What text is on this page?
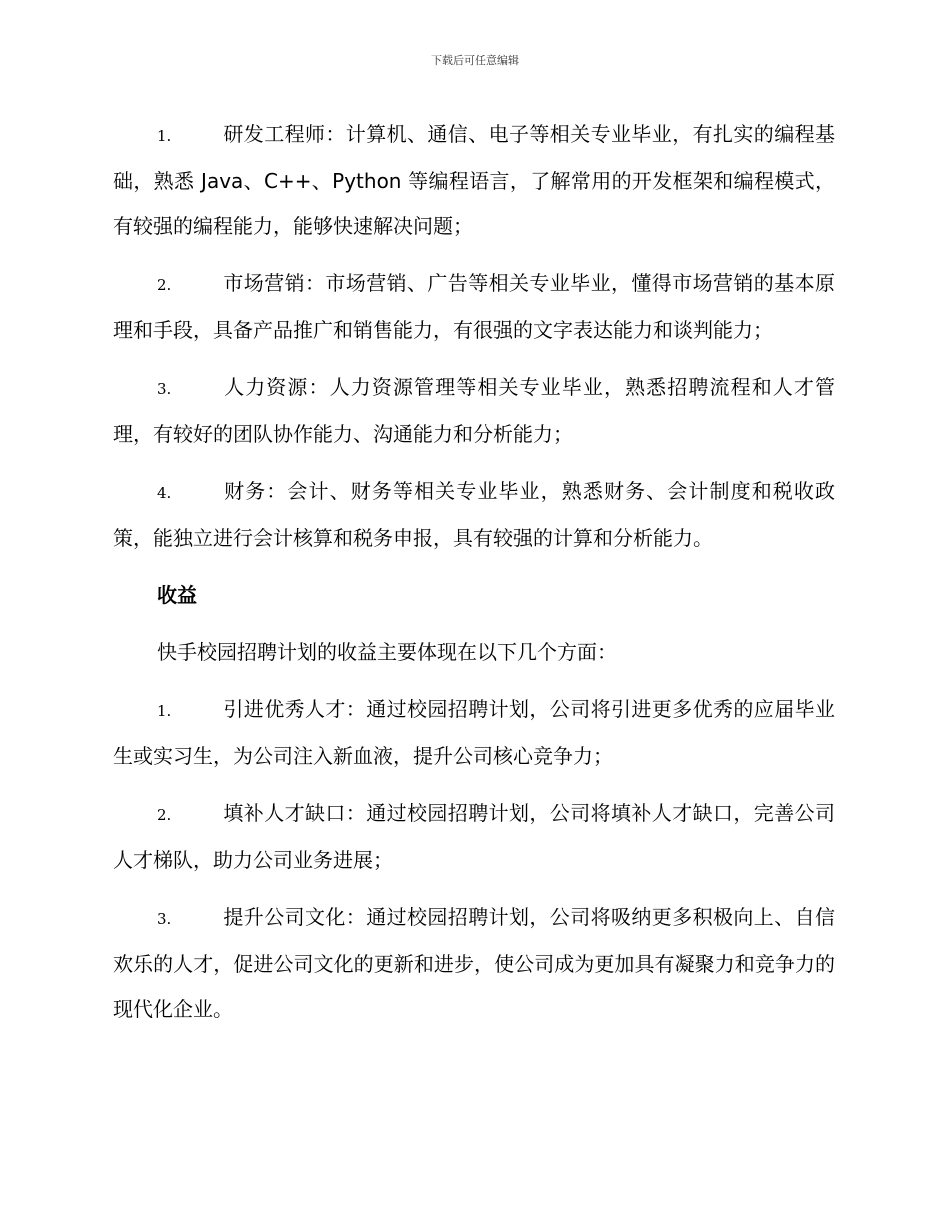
下载后可任意编辑

1.	研发工程师：计算机、通信、电子等相关专业毕业，有扎实的编程基础，熟悉 Java、C++、Python 等编程语言，了解常用的开发框架和编程模式，有较强的编程能力，能够快速解决问题；

2.	市场营销：市场营销、广告等相关专业毕业，懂得市场营销的基本原理和手段，具备产品推广和销售能力，有很强的文字表达能力和谈判能力；

3.	人力资源：人力资源管理等相关专业毕业，熟悉招聘流程和人才管理，有较好的团队协作能力、沟通能力和分析能力；

4.	财务：会计、财务等相关专业毕业，熟悉财务、会计制度和税收政策，能独立进行会计核算和税务申报，具有较强的计算和分析能力。

收益

快手校园招聘计划的收益主要体现在以下几个方面：

1.	引进优秀人才：通过校园招聘计划，公司将引进更多优秀的应届毕业生或实习生，为公司注入新血液，提升公司核心竞争力；

2.	填补人才缺口：通过校园招聘计划，公司将填补人才缺口，完善公司人才梯队，助力公司业务进展；

3.	提升公司文化：通过校园招聘计划，公司将吸纳更多积极向上、自信欢乐的人才，促进公司文化的更新和进步，使公司成为更加具有凝聚力和竞争力的现代化企业。
